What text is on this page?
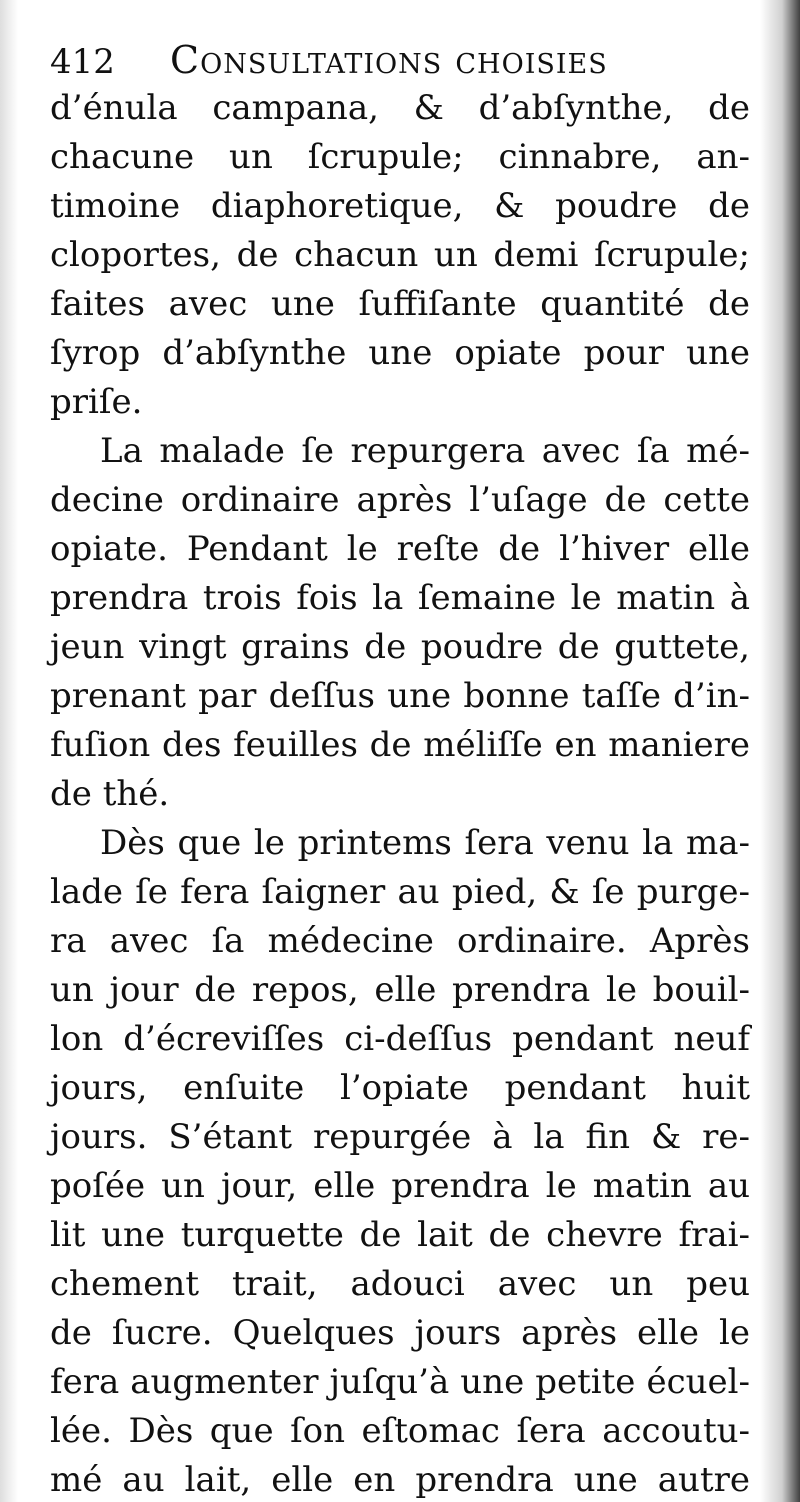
412 Consultations choisies
d’énula campana, & d’abſynthe, de
chacune un ſcrupule; cinnabre, an-
timoine diaphoretique, & poudre de
cloportes, de chacun un demi ſcrupule;
faites avec une ſuffiſante quantité de
ſyrop d’abſynthe une opiate pour une
priſe.
La malade ſe repurgera avec ſa mé-
decine ordinaire après l’uſage de cette
opiate. Pendant le reſte de l’hiver elle
prendra trois fois la ſemaine le matin à
jeun vingt grains de poudre de guttete,
prenant par deſſus une bonne taſſe d’in-
fuſion des feuilles de méliſſe en maniere
de thé.
Dès que le printems ſera venu la ma-
lade ſe fera ſaigner au pied, & ſe purge-
ra avec ſa médecine ordinaire. Après
un jour de repos, elle prendra le bouil-
lon d’écreviſſes ci-deſſus pendant neuf
jours, enſuite l’opiate pendant huit
jours. S’étant repurgée à la fin & re-
poſée un jour, elle prendra le matin au
lit une turquette de lait de chevre frai-
chement trait, adouci avec un peu
de ſucre. Quelques jours après elle le
fera augmenter juſqu’à une petite écuel-
lée. Dès que ſon eſtomac ſera accoutu-
mé au lait, elle en prendra une autre
